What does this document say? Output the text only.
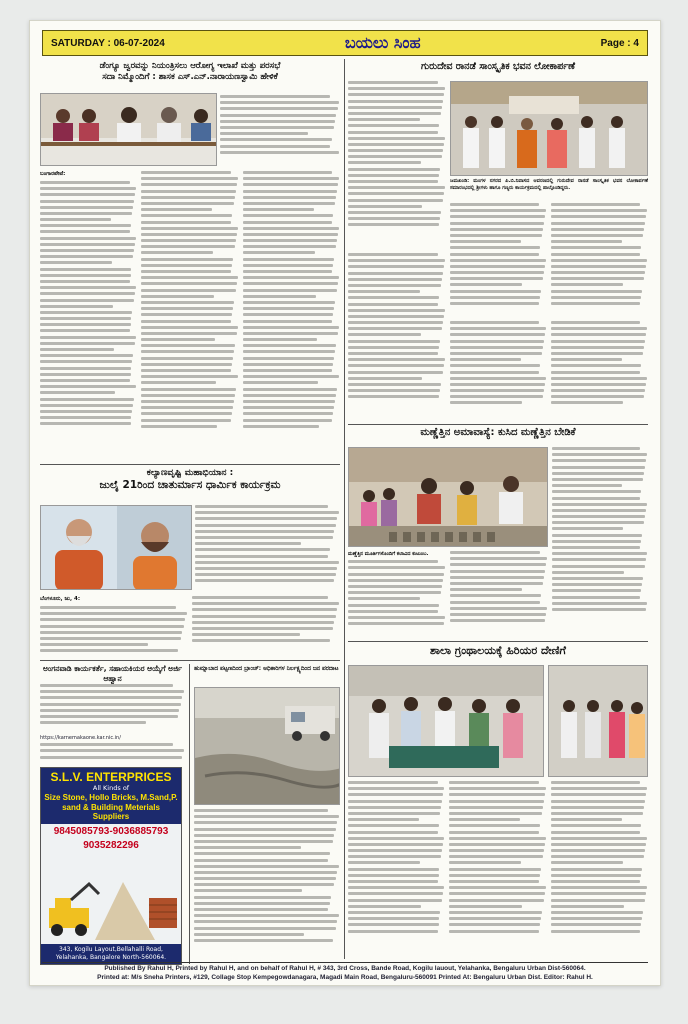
SATURDAY : 06-07-2024	ಬಯಲು ಸಿಂಹ	Page : 4

ಡೆಂಗ್ಯೂ ಜ್ವರವನ್ನು ನಿಯಂತ್ರಿಸಲು ಆರೋಗ್ಯ ಇಲಾಖೆ ಮತ್ತು ಪರಸಭೆ

ಸದಾ ನಿಮ್ಮೊಂದಿಗೆ : ಶಾಸಕ ಎಸ್.ಎನ್.ನಾರಾಯಣಸ್ವಾಮಿ ಹೇಳಿಕೆ

ಬಂಗಾರಪೇಟೆ:

ಕಲ್ಯಾಣವೃಷ್ಟಿ ಮಹಾಭಿಯಾನ :

ಜುಲೈ 21ರಿಂದ ಚಾತುರ್ಮಾಸ ಧಾರ್ಮಿಕ ಕಾರ್ಯಕ್ರಮ

ಬೆಂಗಳೂರು, ಜು, 4:
ಅಂಗನವಾಡಿ ಕಾರ್ಯಕರ್ತೆ, ಸಹಾಯಕಿಯರ ಆಯ್ಕೆಗೆ ಅರ್ಜಿ ಆಹ್ವಾನ
https://karnemakaone.kar.nic.in/
ಹುಮ್ನಾಬಾದ ಪಟ್ಟಣದಿಂದ ಬ್ರಾಂಚ್: ಅಧಿಕಾರಿಗಳ ನಿರ್ಲಕ್ಷ್ಯದಿಂದ ಜನ ಪರದಾಟ
S.L.V. ENTERPRICES
All Kinds of
Size Stone, Hollo Bricks, M.Sand,P. sand & Building Meterials Suppliers
9845085793-9036885793
9035282296
343, Kogilu Layout,Bellahalli Road, Yelahanka, Bangalore North-560064.

ಗುರುದೇವ ರಾನಡೆ ಸಾಂಸ್ಕೃತಿಕ ಭವನ ಲೋಕಾರ್ಪಣೆ

ಜಮಖಂಡಿ: ಮಂಗಳ ನಗರದ ಪಿ.ಬಿ.ನಿವಾಸದ ಆವರಣದಲ್ಲಿ ಗುರುದೇವ ರಾನಡೆ ಸಾಂಸ್ಕೃತಿಕ ಭವನ ಲೋಕಾರ್ಪಣೆ ಸಮಾರಂಭದಲ್ಲಿ ಶ್ರೀಗಳು ಹಾಗೂ ಗಣ್ಯರು ಕಾರ್ಯಕ್ರಮದಲ್ಲಿ ಪಾಲ್ಗೊಂಡಿದ್ದರು.

ಮಣ್ಣೆತ್ತಿನ ಅಮಾವಾಸ್ಯೆ: ಕುಸಿದ ಮಣ್ಣೆತ್ತಿನ ಬೇಡಿಕೆ

ಮಣ್ಣೆತ್ತಿನ ಮೂರ್ತಿಗಳೊಂದಿಗೆ ಕಲಾವಿದ ಕುಟುಂಬ.

ಶಾಲಾ ಗ್ರಂಥಾಲಯಕ್ಕೆ ಹಿರಿಯರ ದೇಣಿಗೆ

Published By Rahul H, Printed by Rahul H, and on behalf of Rahul H, # 343, 3rd Cross, Bande Road, Kogilu lauout, Yelahanka, Bengaluru Urban Dist-560064.
Printed at: M/s Sneha Printers, #129, Collage Stop Kempegowdanagara, Magadi Main Road, Bengaluru-560091 Printed At: Bengaluru Urban Dist. Editor: Rahul H.
